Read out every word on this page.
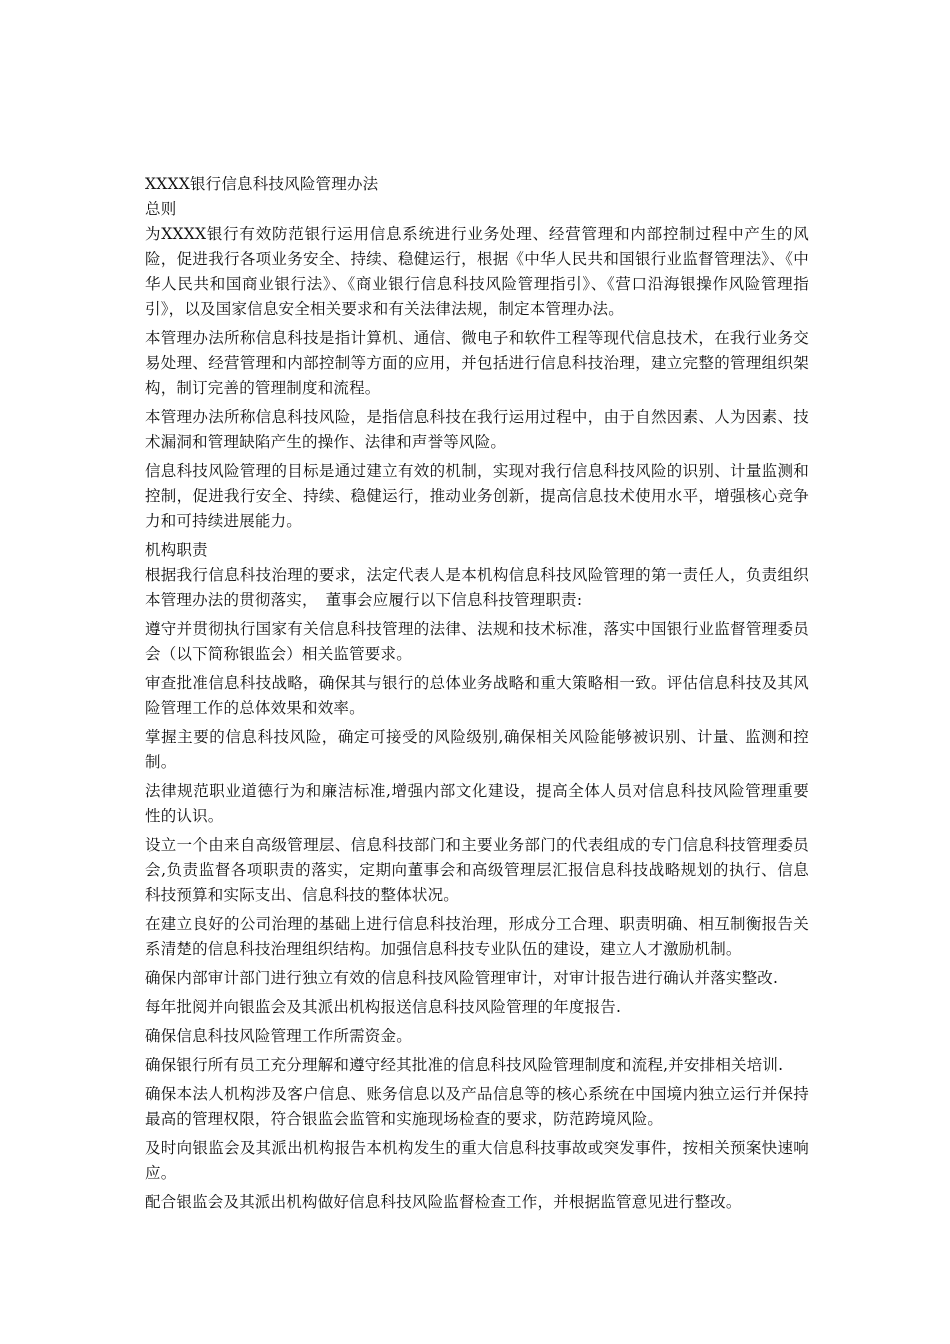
XXXX银行信息科技风险管理办法

总则

为XXXX银行有效防范银行运用信息系统进行业务处理、经营管理和内部控制过程中产生的风险，促进我行各项业务安全、持续、稳健运行，根据《中华人民共和国银行业监督管理法》、《中华人民共和国商业银行法》、《商业银行信息科技风险管理指引》、《营口沿海银操作风险管理指引》，以及国家信息安全相关要求和有关法律法规，制定本管理办法。

本管理办法所称信息科技是指计算机、通信、微电子和软件工程等现代信息技术，在我行业务交易处理、经营管理和内部控制等方面的应用，并包括进行信息科技治理，建立完整的管理组织架构，制订完善的管理制度和流程。

本管理办法所称信息科技风险，是指信息科技在我行运用过程中，由于自然因素、人为因素、技术漏洞和管理缺陷产生的操作、法律和声誉等风险。

信息科技风险管理的目标是通过建立有效的机制，实现对我行信息科技风险的识别、计量监测和控制，促进我行安全、持续、稳健运行，推动业务创新，提高信息技术使用水平，增强核心竞争力和可持续进展能力。

机构职责

根据我行信息科技治理的要求，法定代表人是本机构信息科技风险管理的第一责任人，负责组织本管理办法的贯彻落实，　董事会应履行以下信息科技管理职责:

遵守并贯彻执行国家有关信息科技管理的法律、法规和技术标准，落实中国银行业监督管理委员会（以下简称银监会）相关监管要求。

审查批准信息科技战略，确保其与银行的总体业务战略和重大策略相一致。评估信息科技及其风险管理工作的总体效果和效率。

掌握主要的信息科技风险，确定可接受的风险级别,确保相关风险能够被识别、计量、监测和控制。

法律规范职业道德行为和廉洁标准,增强内部文化建设，提高全体人员对信息科技风险管理重要性的认识。

设立一个由来自高级管理层、信息科技部门和主要业务部门的代表组成的专门信息科技管理委员会,负责监督各项职责的落实，定期向董事会和高级管理层汇报信息科技战略规划的执行、信息科技预算和实际支出、信息科技的整体状况。

在建立良好的公司治理的基础上进行信息科技治理，形成分工合理、职责明确、相互制衡报告关系清楚的信息科技治理组织结构。加强信息科技专业队伍的建设，建立人才激励机制。

确保内部审计部门进行独立有效的信息科技风险管理审计，对审计报告进行确认并落实整改.

每年批阅并向银监会及其派出机构报送信息科技风险管理的年度报告.

确保信息科技风险管理工作所需资金。

确保银行所有员工充分理解和遵守经其批准的信息科技风险管理制度和流程,并安排相关培训.

确保本法人机构涉及客户信息、账务信息以及产品信息等的核心系统在中国境内独立运行并保持最高的管理权限，符合银监会监管和实施现场检查的要求，防范跨境风险。

及时向银监会及其派出机构报告本机构发生的重大信息科技事故或突发事件，按相关预案快速响应。

配合银监会及其派出机构做好信息科技风险监督检查工作，并根据监管意见进行整改。
